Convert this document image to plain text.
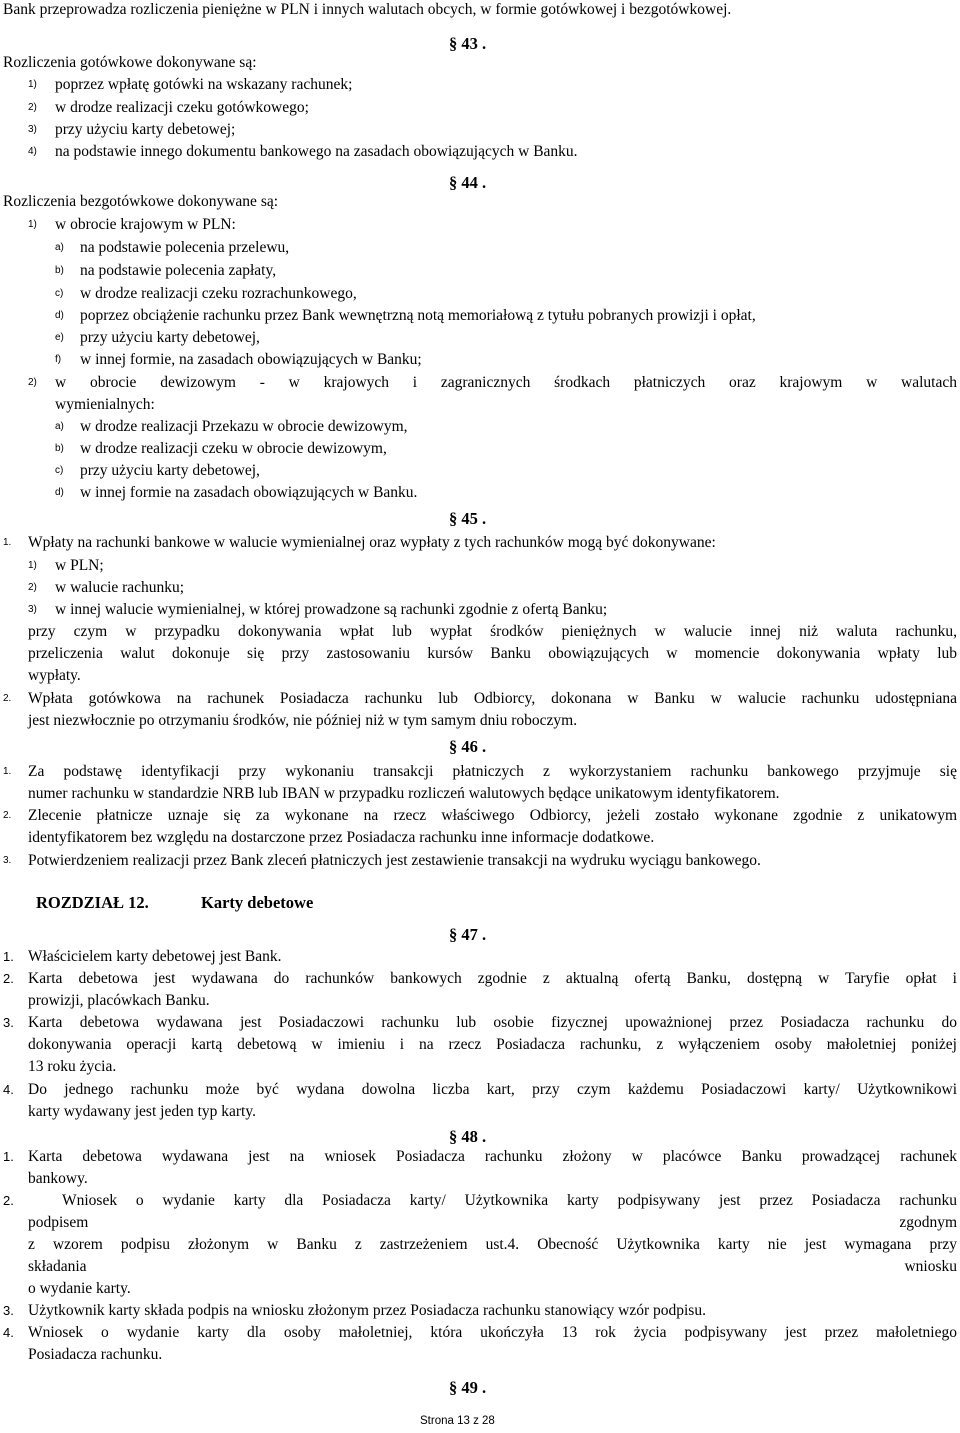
Bank przeprowadza rozliczenia pieniężne w PLN i innych walutach obcych, w formie gotówkowej i bezgotówkowej.
§ 43 .
Rozliczenia gotówkowe dokonywane są:
1) poprzez wpłatę gotówki na wskazany rachunek;
2) w drodze realizacji czeku gotówkowego;
3) przy użyciu karty debetowej;
4) na podstawie innego dokumentu bankowego na zasadach obowiązujących w Banku.
§ 44 .
Rozliczenia bezgotówkowe dokonywane są:
1) w obrocie krajowym w PLN:
a) na podstawie polecenia przelewu,
b) na podstawie polecenia zapłaty,
c) w drodze realizacji czeku rozrachunkowego,
d) poprzez obciążenie rachunku przez Bank wewnętrzną notą memoriałową z tytułu pobranych prowizji i opłat,
e) przy użyciu karty debetowej,
f) w innej formie, na zasadach obowiązujących w Banku;
2) w obrocie dewizowym - w krajowych i zagranicznych środkach płatniczych oraz krajowym w walutach
wymienialnych:
a) w drodze realizacji Przekazu w obrocie dewizowym,
b) w drodze realizacji czeku w obrocie dewizowym,
c) przy użyciu karty debetowej,
d) w innej formie na zasadach obowiązujących w Banku.
§ 45 .
1. Wpłaty na rachunki bankowe w walucie wymienialnej oraz wypłaty z tych rachunków mogą być dokonywane:
1) w PLN;
2) w walucie rachunku;
3) w innej walucie wymienialnej, w której prowadzone są rachunki zgodnie z ofertą Banku;
przy czym w przypadku dokonywania wpłat lub wypłat środków pieniężnych w walucie innej niż waluta rachunku,
przeliczenia walut dokonuje się przy zastosowaniu kursów Banku obowiązujących w momencie dokonywania wpłaty lub
wypłaty.
2. Wpłata gotówkowa na rachunek Posiadacza rachunku lub Odbiorcy, dokonana w Banku w walucie rachunku udostępniana
jest niezwłocznie po otrzymaniu środków, nie później niż w tym samym dniu roboczym.
§ 46 .
1. Za podstawę identyfikacji przy wykonaniu transakcji płatniczych z wykorzystaniem rachunku bankowego przyjmuje się
numer rachunku w standardzie NRB lub IBAN w przypadku rozliczeń walutowych będące unikatowym identyfikatorem.
2. Zlecenie płatnicze uznaje się za wykonane na rzecz właściwego Odbiorcy, jeżeli zostało wykonane zgodnie z unikatowym
identyfikatorem bez względu na dostarczone przez Posiadacza rachunku inne informacje dodatkowe.
3. Potwierdzeniem realizacji przez Bank zleceń płatniczych jest zestawienie transakcji na wydruku wyciągu bankowego.
ROZDZIAŁ 12.	Karty debetowe
§ 47 .
1. Właścicielem karty debetowej jest Bank.
2. Karta debetowa jest wydawana do rachunków bankowych zgodnie z aktualną ofertą Banku, dostępną w Taryfie opłat i
prowizji, placówkach Banku.
3. Karta debetowa wydawana jest Posiadaczowi rachunku lub osobie fizycznej upoważnionej przez Posiadacza rachunku do
dokonywania operacji kartą debetową w imieniu i na rzecz Posiadacza rachunku, z wyłączeniem osoby małoletniej poniżej
13 roku życia.
4. Do jednego rachunku może być wydana dowolna liczba kart, przy czym każdemu Posiadaczowi karty/ Użytkownikowi
karty wydawany jest jeden typ karty.
§ 48 .
1. Karta debetowa wydawana jest na wniosek Posiadacza rachunku złożony w placówce Banku prowadzącej rachunek
bankowy.
2.	Wniosek o wydanie karty dla Posiadacza karty/ Użytkownika karty podpisywany jest przez Posiadacza rachunku
podpisem	zgodnym
z wzorem podpisu złożonym w Banku z zastrzeżeniem ust.4. Obecność Użytkownika karty nie jest wymagana przy
składania	wniosku
o wydanie karty.
3. Użytkownik karty składa podpis na wniosku złożonym przez Posiadacza rachunku stanowiący wzór podpisu.
4. Wniosek o wydanie karty dla osoby małoletniej, która ukończyła 13 rok życia podpisywany jest przez małoletniego
Posiadacza rachunku.
§ 49 .
Strona 13 z 28
